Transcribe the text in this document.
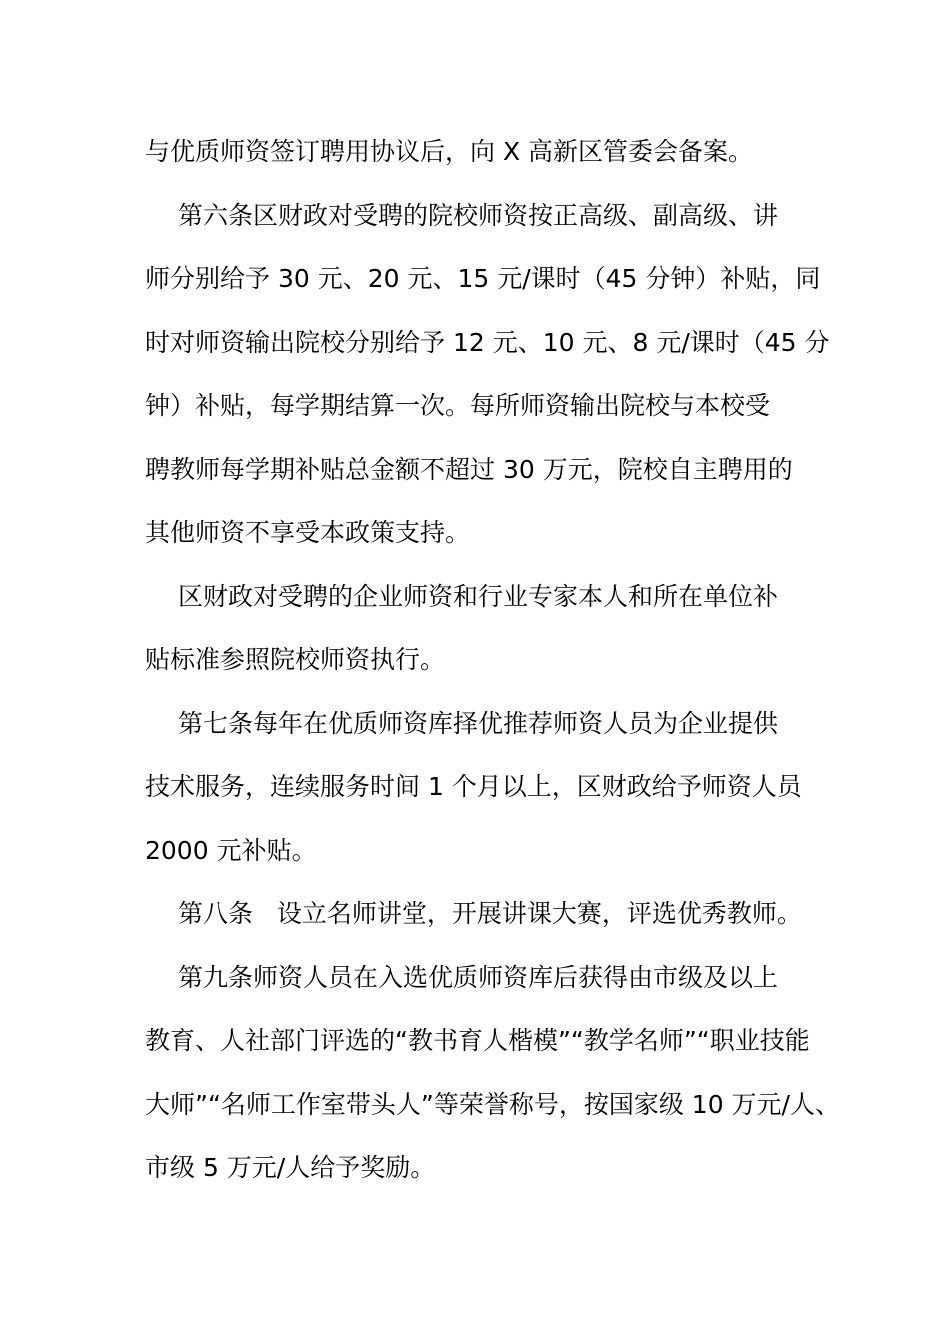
与优质师资签订聘用协议后，向 X 高新区管委会备案。
第六条区财政对受聘的院校师资按正高级、副高级、讲
师分别给予 30 元、20 元、15 元/课时（45 分钟）补贴，同
时对师资输出院校分别给予 12 元、10 元、8 元/课时（45 分
钟）补贴，每学期结算一次。每所师资输出院校与本校受
聘教师每学期补贴总金额不超过 30 万元，院校自主聘用的
其他师资不享受本政策支持。
区财政对受聘的企业师资和行业专家本人和所在单位补
贴标准参照院校师资执行。
第七条每年在优质师资库择优推荐师资人员为企业提供
技术服务，连续服务时间 1 个月以上，区财政给予师资人员
2000 元补贴。
第八条   设立名师讲堂，开展讲课大赛，评选优秀教师。
第九条师资人员在入选优质师资库后获得由市级及以上
教育、人社部门评选的“教书育人楷模”“教学名师”“职业技能
大师”“名师工作室带头人”等荣誉称号，按国家级 10 万元/人、
市级 5 万元/人给予奖励。
